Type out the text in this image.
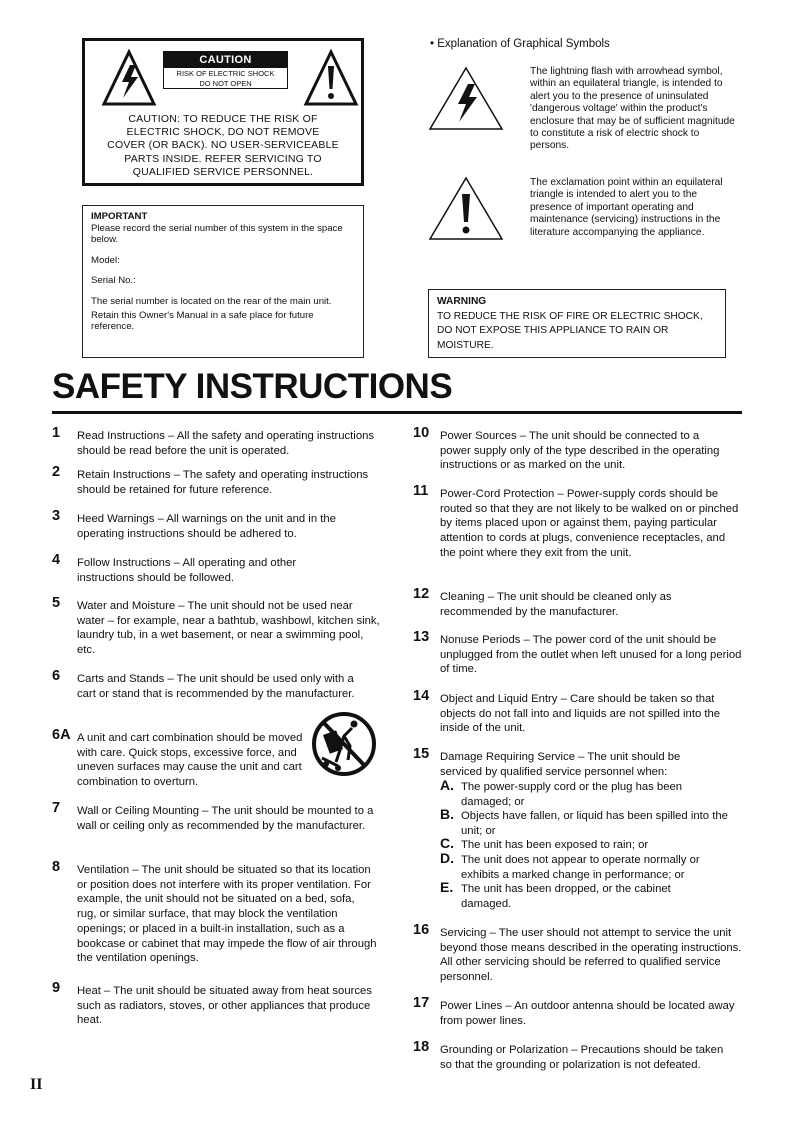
CAUTION
RISK OF ELECTRIC SHOCK
DO NOT OPEN
CAUTION: TO REDUCE THE RISK OF
ELECTRIC SHOCK, DO NOT REMOVE
COVER (OR BACK). NO USER-SERVICEABLE
PARTS INSIDE. REFER SERVICING TO
QUALIFIED SERVICE PERSONNEL.

IMPORTANT

Please record the serial number of this system in the space below.

Model:

Serial No.:

The serial number is located on the rear of the main unit.

Retain this Owner's Manual in a safe place for future reference.

• Explanation of Graphical Symbols
The lightning flash with arrowhead symbol, within an equilateral triangle, is intended to alert you to the presence of uninsulated 'dangerous voltage' within the product's enclosure that may be of sufficient magnitude to constitute a risk of electric shock to persons.
The exclamation point within an equilateral triangle is intended to alert you to the presence of important operating and maintenance (servicing) instructions in the literature accompanying the appliance.
WARNING
TO REDUCE THE RISK OF FIRE OR ELECTRIC SHOCK, DO NOT EXPOSE THIS APPLIANCE TO RAIN OR MOISTURE.
SAFETY INSTRUCTIONS
1 Read Instructions – All the safety and operating instructions should be read before the unit is operated.
2 Retain Instructions – The safety and operating instructions should be retained for future reference.
3 Heed Warnings – All warnings on the unit and in the operating instructions should be adhered to.
4 Follow Instructions – All operating and other instructions should be followed.
5 Water and Moisture – The unit should not be used near water – for example, near a bathtub, washbowl, kitchen sink, laundry tub, in a wet basement, or near a swimming pool, etc.
6 Carts and Stands – The unit should be used only with a cart or stand that is recommended by the manufacturer.
6A A unit and cart combination should be moved with care. Quick stops, excessive force, and uneven surfaces may cause the unit and cart combination to overturn.
7 Wall or Ceiling Mounting – The unit should be mounted to a wall or ceiling only as recommended by the manufacturer.
8 Ventilation – The unit should be situated so that its location or position does not interfere with its proper ventilation. For example, the unit should not be situated on a bed, sofa, rug, or similar surface, that may block the ventilation openings; or placed in a built-in installation, such as a bookcase or cabinet that may impede the flow of air through the ventilation openings.
9 Heat – The unit should be situated away from heat sources such as radiators, stoves, or other appliances that produce heat.
10 Power Sources – The unit should be connected to a power supply only of the type described in the operating instructions or as marked on the unit.
11 Power-Cord Protection – Power-supply cords should be routed so that they are not likely to be walked on or pinched by items placed upon or against them, paying particular attention to cords at plugs, convenience receptacles, and the point where they exit from the unit.
12 Cleaning – The unit should be cleaned only as recommended by the manufacturer.
13 Nonuse Periods – The power cord of the unit should be unplugged from the outlet when left unused for a long period of time.
14 Object and Liquid Entry – Care should be taken so that objects do not fall into and liquids are not spilled into the inside of the unit.
15 Damage Requiring Service – The unit should be serviced by qualified service personnel when:
A. The power-supply cord or the plug has been damaged; or
B. Objects have fallen, or liquid has been spilled into the unit; or
C. The unit has been exposed to rain; or
D. The unit does not appear to operate normally or exhibits a marked change in performance; or
E. The unit has been dropped, or the cabinet damaged.
16 Servicing – The user should not attempt to service the unit beyond those means described in the operating instructions. All other servicing should be referred to qualified service personnel.
17 Power Lines – An outdoor antenna should be located away from power lines.
18 Grounding or Polarization – Precautions should be taken so that the grounding or polarization is not defeated.
II
